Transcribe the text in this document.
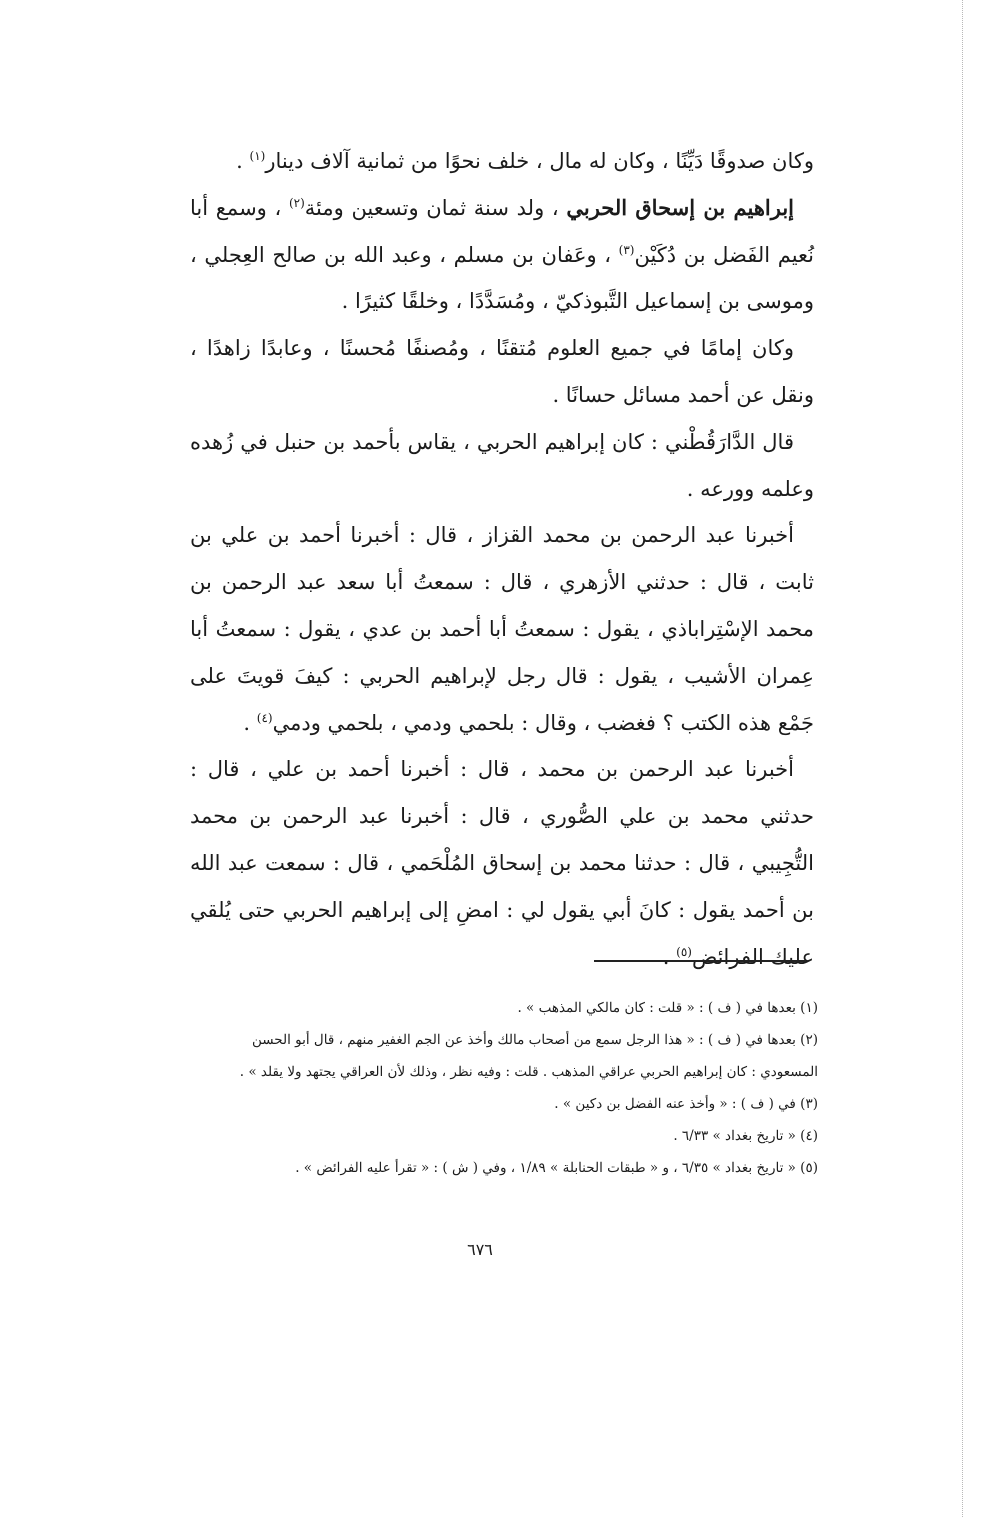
وكان صدوقًا دَيِّنًا ، وكان له مال ، خلف نحوًا من ثمانية آلاف دينار$^{(١)}$ .

إبراهيم بن إسحاق الحربي ، ولد سنة ثمان وتسعين ومئة$^{(٢)}$ ، وسمع أبا نُعيم الفَضل بن دُكَيْن$^{(٣)}$ ، وعَفان بن مسلم ، وعبد الله بن صالح العِجلي ، وموسى بن إسماعيل التَّبوذكيّ ، ومُسَدَّدًا ، وخلقًا كثيرًا .

وكان إمامًا في جميع العلوم مُتقنًا ، ومُصنفًا مُحسنًا ، وعابدًا زاهدًا ، ونقل عن أحمد مسائل حسانًا .

قال الدَّارَقُطْني : كان إبراهيم الحربي ، يقاس بأحمد بن حنبل في زُهده وعلمه وورعه .

أخبرنا عبد الرحمن بن محمد القزاز ، قال : أخبرنا أحمد بن علي بن ثابت ، قال : حدثني الأزهري ، قال : سمعتُ أبا سعد عبد الرحمن بن محمد الإسْتِراباذي ، يقول : سمعتُ أبا أحمد بن عدي ، يقول : سمعتُ أبا عِمران الأشيب ، يقول : قال رجل لإبراهيم الحربي : كيفَ قويتَ على جَمْع هذه الكتب ؟ فغضب ، وقال : بلحمي ودمي ، بلحمي ودمي$^{(٤)}$ .

أخبرنا عبد الرحمن بن محمد ، قال : أخبرنا أحمد بن علي ، قال : حدثني محمد بن علي الصُّوري ، قال : أخبرنا عبد الرحمن بن محمد التُّجِيبي ، قال : حدثنا محمد بن إسحاق المُلْحَمي ، قال : سمعت عبد الله بن أحمد يقول : كانَ أبي يقول لي : امضِ إلى إبراهيم الحربي حتى يُلقي عليك الفرائض$^{(٥)}$ .

(١) بعدها في ( ف ) : « قلت : كان مالكي المذهب » .

(٢) بعدها في ( ف ) : « هذا الرجل سمع من أصحاب مالك وأخذ عن الجم الغفير منهم ، قال أبو الحسن

المسعودي : كان إبراهيم الحربي عراقي المذهب . قلت : وفيه نظر ، وذلك لأن العراقي يجتهد ولا يقلد » .

(٣) في ( ف ) : « وأخذ عنه الفضل بن دكين » .

(٤) « تاريخ بغداد » ٦/٣٣ .

(٥) « تاريخ بغداد » ٦/٣٥ ، و « طبقات الحنابلة » ١/٨٩ ، وفي ( ش ) : « تقرأ عليه الفرائض » .

٦٧٦
